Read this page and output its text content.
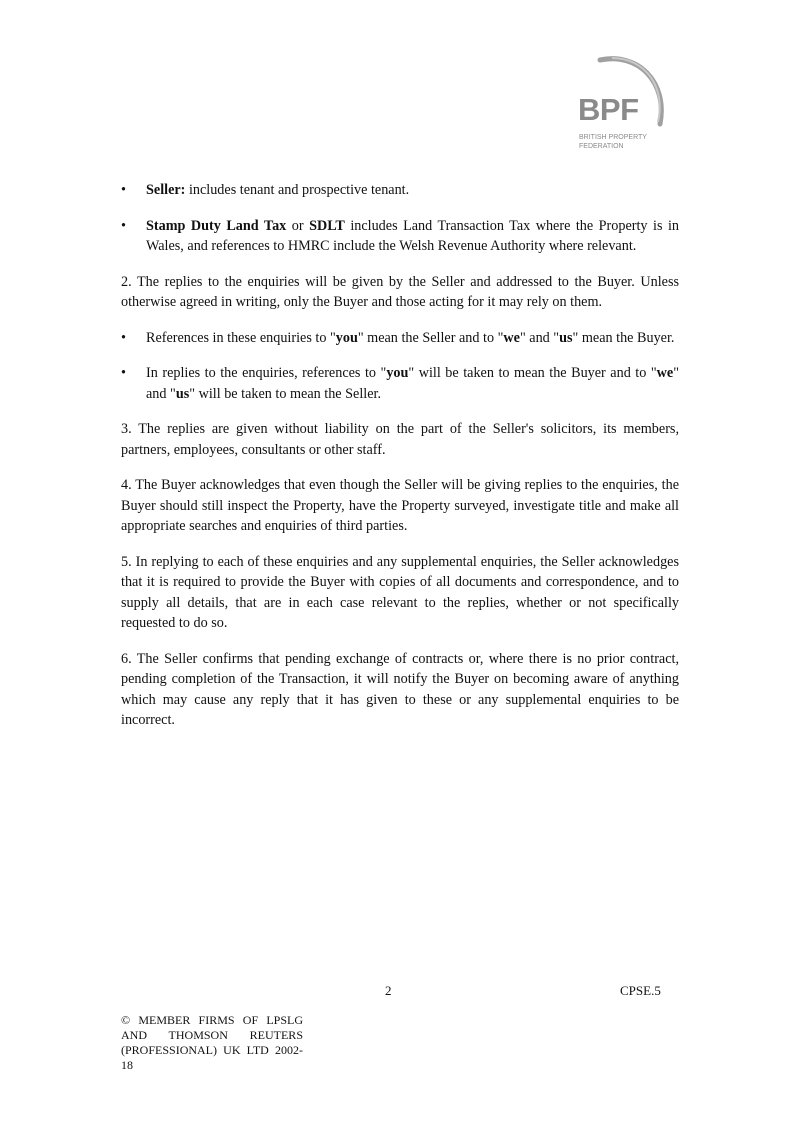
BPF
BRITISH PROPERTY FEDERATION
• Seller: includes tenant and prospective tenant.
• Stamp Duty Land Tax or SDLT includes Land Transaction Tax where the Property is in Wales, and references to HMRC include the Welsh Revenue Authority where relevant.

2. The replies to the enquiries will be given by the Seller and addressed to the Buyer. Unless otherwise agreed in writing, only the Buyer and those acting for it may rely on them.

• References in these enquiries to "you" mean the Seller and to "we" and "us" mean the Buyer.
• In replies to the enquiries, references to "you" will be taken to mean the Buyer and to "we" and "us" will be taken to mean the Seller.

3. The replies are given without liability on the part of the Seller's solicitors, its members, partners, employees, consultants or other staff.

4. The Buyer acknowledges that even though the Seller will be giving replies to the enquiries, the Buyer should still inspect the Property, have the Property surveyed, investigate title and make all appropriate searches and enquiries of third parties.

5. In replying to each of these enquiries and any supplemental enquiries, the Seller acknowledges that it is required to provide the Buyer with copies of all documents and correspondence, and to supply all details, that are in each case relevant to the replies, whether or not specifically requested to do so.

6. The Seller confirms that pending exchange of contracts or, where there is no prior contract, pending completion of the Transaction, it will notify the Buyer on becoming aware of anything which may cause any reply that it has given to these or any supplemental enquiries to be incorrect.

2	CPSE.5
© MEMBER FIRMS OF LPSLG AND THOMSON REUTERS (PROFESSIONAL) UK LTD 2002-18
